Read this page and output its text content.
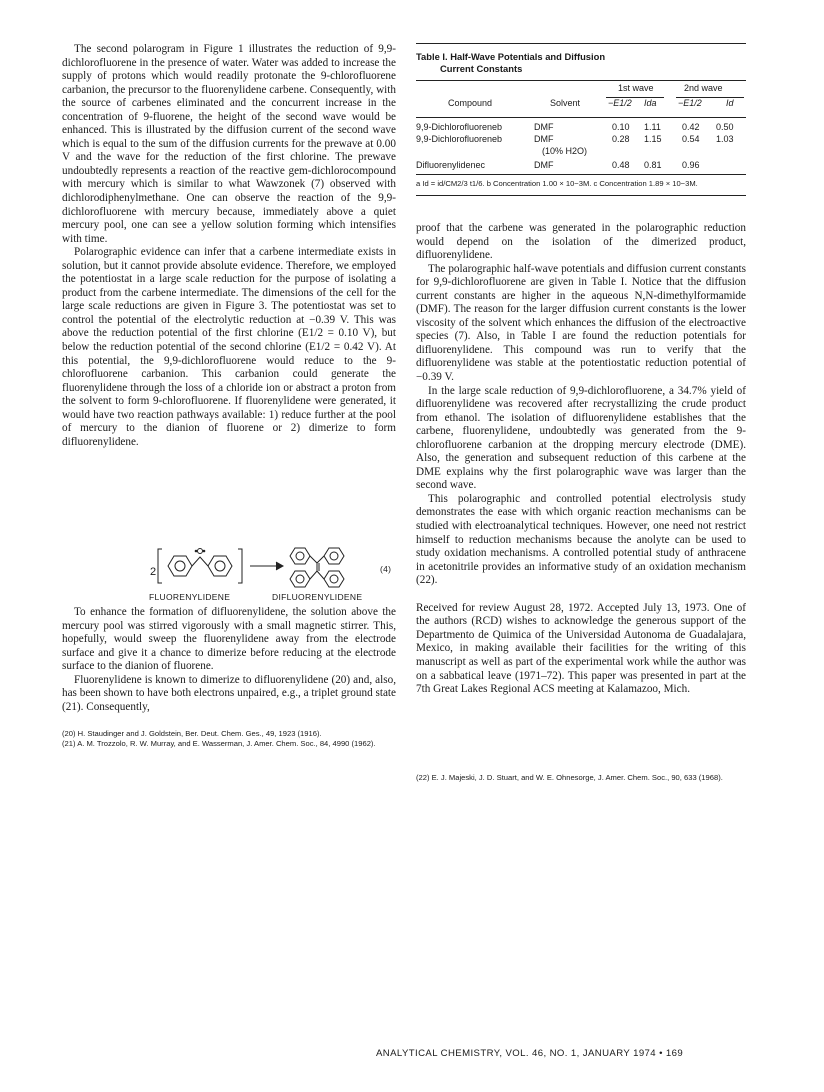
The second polarogram in Figure 1 illustrates the reduction of 9,9-dichlorofluorene in the presence of water. Water was added to increase the supply of protons which would readily protonate the 9-chlorofluorene carbanion, the precursor to the fluorenylidene carbene. Consequently, with the source of carbenes eliminated and the concurrent increase in the concentration of 9-fluorene, the height of the second wave would be enhanced. This is illustrated by the diffusion current of the second wave which is equal to the sum of the diffusion currents for the prewave at 0.00 V and the wave for the reduction of the first chlorine. The prewave undoubtedly represents a reaction of the reactive gem-dichlorocompound with mercury which is similar to what Wawzonek (7) observed with dichlorodiphenylmethane. One can observe the reaction of the 9,9-dichlorofluorene with mercury because, immediately above a quiet mercury pool, one can see a yellow solution forming which intensifies with time.

Polarographic evidence can infer that a carbene intermediate exists in solution, but it cannot provide absolute evidence. Therefore, we employed the potentiostat in a large scale reduction for the purpose of isolating a product from the carbene intermediate. The dimensions of the cell for the large scale reductions are given in Figure 3. The potentiostat was set to control the potential of the electrolytic reduction at −0.39 V. This was above the reduction potential of the first chlorine (E1/2 = 0.10 V), but below the reduction potential of the second chlorine (E1/2 = 0.42 V). At this potential, the 9,9-dichlorofluorene would reduce to the 9-chlorofluorene carbanion. This carbanion could generate the fluorenylidene through the loss of a chloride ion or abstract a proton from the solvent to form 9-chlorofluorene. If fluorenylidene were generated, it would have two reaction pathways available: 1) reduce further at the pool of mercury to the dianion of fluorene or 2) dimerize to form difluorenylidene.

2	(4)
FLUORENYLIDENE	DIFLUORENYLIDENE

To enhance the formation of difluorenylidene, the solution above the mercury pool was stirred vigorously with a small magnetic stirrer. This, hopefully, would sweep the fluorenylidene away from the electrode surface and give it a chance to dimerize before reducing at the electrode surface to the dianion of fluorene.

Fluorenylidene is known to dimerize to difluorenylidene (20) and, also, has been shown to have both electrons unpaired, e.g., a triplet ground state (21). Consequently,

(20) H. Staudinger and J. Goldstein, Ber. Deut. Chem. Ges., 49, 1923 (1916).

(21) A. M. Trozzolo, R. W. Murray, and E. Wasserman, J. Amer. Chem. Soc., 84, 4990 (1962).

Table I. Half-Wave Potentials and Diffusion
Current Constants
1st wave	2nd wave
Compound	Solvent	−E1/2 Ida −E1/2	Id
9,9-Dichlorofluoreneb	DMF	0.10 1.11 0.42 0.50
9,9-Dichlorofluoreneb	DMF	0.28 1.15 0.54 1.03
(10% H2O)
Difluorenylidenec	DMF	0.48 0.81 0.96
a Id = id/CM2/3 t1/6. b Concentration 1.00 × 10−3M. c Concentration 1.89 × 10−3M.

proof that the carbene was generated in the polarographic reduction would depend on the isolation of the dimerized product, difluorenylidene.

The polarographic half-wave potentials and diffusion current constants for 9,9-dichlorofluorene are given in Table I. Notice that the diffusion current constants are higher in the aqueous N,N-dimethylformamide (DMF). The reason for the larger diffusion current constants is the lower viscosity of the solvent which enhances the diffusion of the electroactive species (7). Also, in Table I are found the reduction potentials for difluorenylidene. This compound was run to verify that the difluorenylidene was stable at the potentiostatic reduction potential of −0.39 V.

In the large scale reduction of 9,9-dichlorofluorene, a 34.7% yield of difluorenylidene was recovered after recrystallizing the crude product from ethanol. The isolation of difluorenylidene establishes that the carbene, fluorenylidene, undoubtedly was generated from the 9-chlorofluorene carbanion at the dropping mercury electrode (DME). Also, the generation and subsequent reduction of this carbene at the DME explains why the first polarographic wave was larger than the second wave.

This polarographic and controlled potential electrolysis study demonstrates the ease with which organic reaction mechanisms can be studied with electroanalytical techniques. However, one need not restrict himself to reduction mechanisms because the anolyte can be used to study oxidation mechanisms. A controlled potential study of anthracene in acetonitrile provides an informative study of an oxidation mechanism (22).

Received for review August 28, 1972. Accepted July 13, 1973. One of the authors (RCD) wishes to acknowledge the generous support of the Departmento de Quimica of the Universidad Autonoma de Guadalajara, Mexico, in making available their facilities for the writing of this manuscript as well as part of the experimental work while the author was on a sabbatical leave (1971–72). This paper was presented in part at the 7th Great Lakes Regional ACS meeting at Kalamazoo, Mich.

(22) E. J. Majeski, J. D. Stuart, and W. E. Ohnesorge, J. Amer. Chem. Soc., 90, 633 (1968).

ANALYTICAL CHEMISTRY, VOL. 46, NO. 1, JANUARY 1974 • 169
